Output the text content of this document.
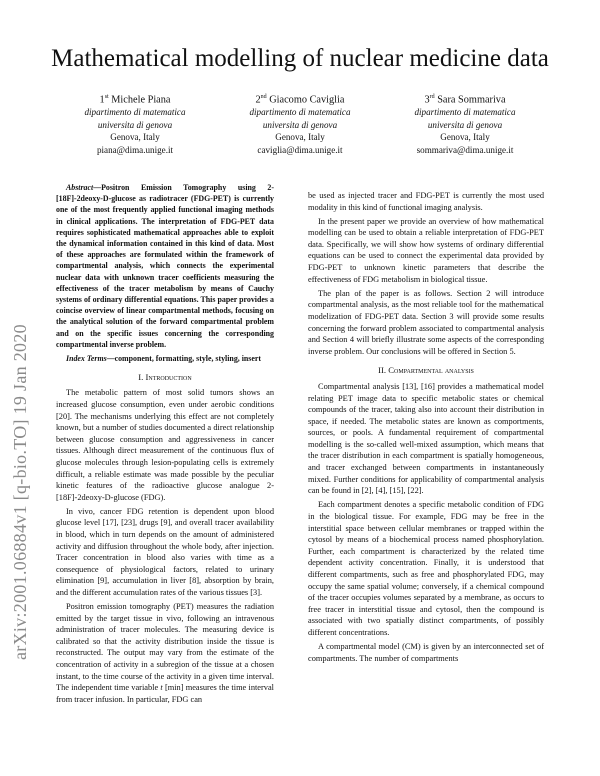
Mathematical modelling of nuclear medicine data
1st Michele Piana
dipartimento di matematica
universita di genova
Genova, Italy
piana@dima.unige.it
2nd Giacomo Caviglia
dipartimento di matematica
universita di genova
Genova, Italy
caviglia@dima.unige.it
3rd Sara Sommariva
dipartimento di matematica
universita di genova
Genova, Italy
sommariva@dima.unige.it
arXiv:2001.06884v1 [q-bio.TO] 19 Jan 2020

Abstract—Positron Emission Tomography using 2-[18F]-2deoxy-D-glucose as radiotracer (FDG-PET) is currently one of the most frequently applied functional imaging methods in clinical applications. The interpretation of FDG-PET data requires sophisticated mathematical approaches able to exploit the dynamical information contained in this kind of data. Most of these approaches are formulated within the framework of compartmental analysis, which connects the experimental nuclear data with unknown tracer coefficients measuring the effectiveness of the tracer metabolism by means of Cauchy systems of ordinary differential equations. This paper provides a coincise overview of linear compartmental methods, focusing on the analytical solution of the forward compartmental problem and on the specific issues concerning the corresponding compartmental inverse problem.

Index Terms—component, formatting, style, styling, insert

I. Introduction

The metabolic pattern of most solid tumors shows an increased glucose consumption, even under aerobic conditions [20]. The mechanisms underlying this effect are not completely known, but a number of studies documented a direct relationship between glucose consumption and aggressiveness in cancer tissues. Although direct measurement of the continuous flux of glucose molecules through lesion-populating cells is extremely difficult, a reliable estimate was made possible by the peculiar kinetic features of the radioactive glucose analogue 2-[18F]-2deoxy-D-glucose (FDG).

In vivo, cancer FDG retention is dependent upon blood glucose level [17], [23], drugs [9], and overall tracer availability in blood, which in turn depends on the amount of administered activity and diffusion throughout the whole body, after injection. Tracer concentration in blood also varies with time as a consequence of physiological factors, related to urinary elimination [9], accumulation in liver [8], absorption by brain, and the different accumulation rates of the various tissues [3].

Positron emission tomography (PET) measures the radiation emitted by the target tissue in vivo, following an intravenous administration of tracer molecules. The measuring device is calibrated so that the activity distribution inside the tissue is reconstructed. The output may vary from the estimate of the concentration of activity in a subregion of the tissue at a chosen instant, to the time course of the activity in a given time interval. The independent time variable t [min] measures the time interval from tracer infusion. In particular, FDG can

be used as injected tracer and FDG-PET is currently the most used modality in this kind of functional imaging analysis.

In the present paper we provide an overview of how mathematical modelling can be used to obtain a reliable interpretation of FDG-PET data. Specifically, we will show how systems of ordinary differential equations can be used to connect the experimental data provided by FDG-PET to unknown kinetic parameters that describe the effectiveness of FDG metabolism in biological tissue.

The plan of the paper is as follows. Section 2 will introduce compartmental analysis, as the most reliable tool for the mathematical modelization of FDG-PET data. Section 3 will provide some results concerning the forward problem associated to compartmental analysis and Section 4 will briefly illustrate some aspects of the corresponding inverse problem. Our conclusions will be offered in Section 5.

II. Compartmental analysis

Compartmental analysis [13], [16] provides a mathematical model relating PET image data to specific metabolic states or chemical compounds of the tracer, taking also into account their distribution in space, if needed. The metabolic states are known as comportments, sources, or pools. A fundamental requirement of compartmental modelling is the so-called well-mixed assumption, which means that the tracer distribution in each compartment is spatially homogeneous, and tracer exchanged between compartments in instantaneously mixed. Further conditions for applicability of compartmental analysis can be found in [2], [4], [15], [22].

Each compartment denotes a specific metabolic condition of FDG in the biological tissue. For example, FDG may be free in the interstitial space between cellular membranes or trapped within the cytosol by means of a biochemical process named phosphorylation. Further, each compartment is characterized by the related time dependent activity concentration. Finally, it is understood that different compartments, such as free and phosphorylated FDG, may occupy the same spatial volume; conversely, if a chemical compound of the tracer occupies volumes separated by a membrane, as occurs to free tracer in interstitial tissue and cytosol, then the compound is associated with two spatially distinct compartments, of possibly different concentrations.

A compartmental model (CM) is given by an interconnected set of compartments. The number of compartments
